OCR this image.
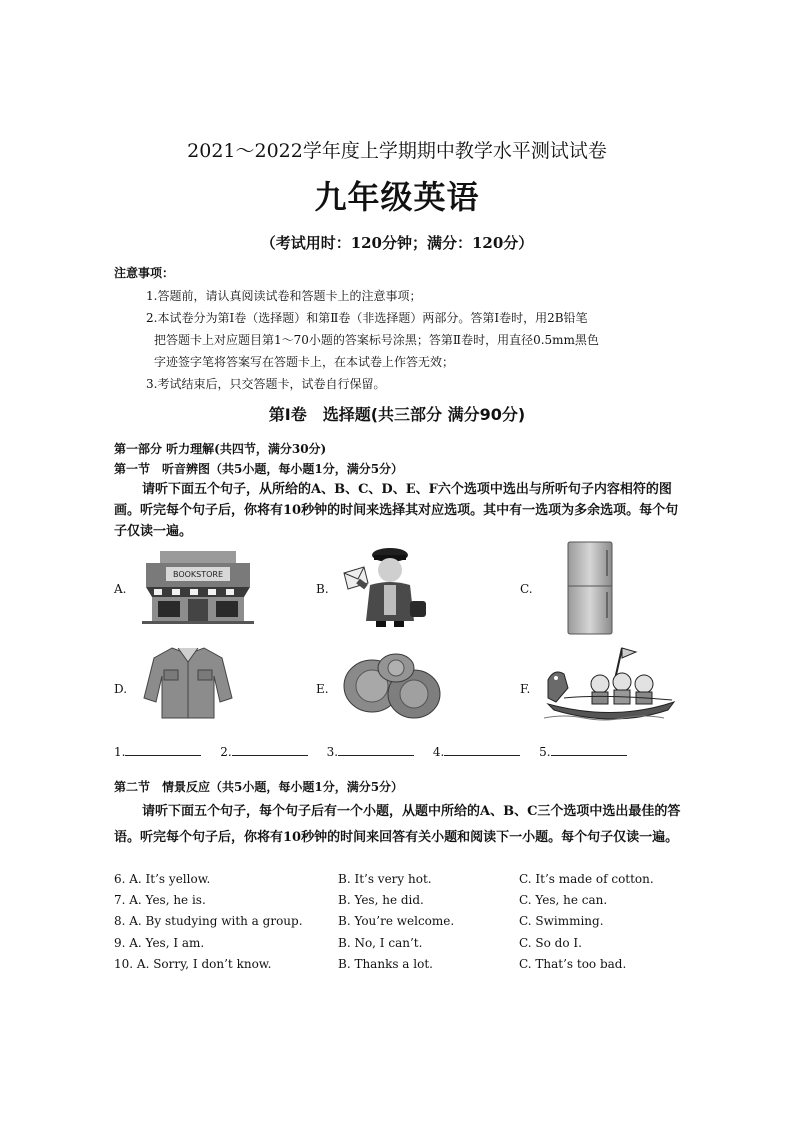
2021～2022学年度上学期期中教学水平测试试卷
九年级英语
（考试用时：120分钟；满分：120分）
注意事项：
1.答题前，请认真阅读试卷和答题卡上的注意事项；
2.本试卷分为第Ⅰ卷（选择题）和第Ⅱ卷（非选择题）两部分。答第Ⅰ卷时，用2B铅笔
把答题卡上对应题目第1～70小题的答案标号涂黑；答第Ⅱ卷时，用直径0.5mm黑色
字迹签字笔将答案写在答题卡上，在本试卷上作答无效；
3.考试结束后，只交答题卡，试卷自行保留。
第Ⅰ卷　选择题(共三部分 满分90分)
第一部分 听力理解(共四节，满分30分)
第一节　听音辨图（共5小题，每小题1分，满分5分）
请听下面五个句子，从所给的A、B、C、D、E、F六个选项中选出与所听句子内容相符的图画。听完每个句子后，你将有10秒钟的时间来选择其对应选项。其中有一选项为多余选项。每个句子仅读一遍。
A.
BOOKSTORE
B.	C.
D.	E.	F.
1.	2.	3.	4.	5.
第二节　情景反应（共5小题，每小题1分，满分5分）
请听下面五个句子，每个句子后有一个小题，从题中所给的A、B、C三个选项中选出最佳的答语。听完每个句子后，你将有10秒钟的时间来回答有关小题和阅读下一小题。每个句子仅读一遍。
6. A. It’s yellow.	B. It’s very hot.	C. It’s made of cotton.
7. A. Yes, he is.	B. Yes, he did.	C. Yes, he can.
8. A. By studying with a group.	B. You’re welcome.	C. Swimming.
9. A. Yes, I am.	B. No, I can’t.	C. So do I.
10. A. Sorry, I don’t know.	B. Thanks a lot.	C. That’s too bad.
